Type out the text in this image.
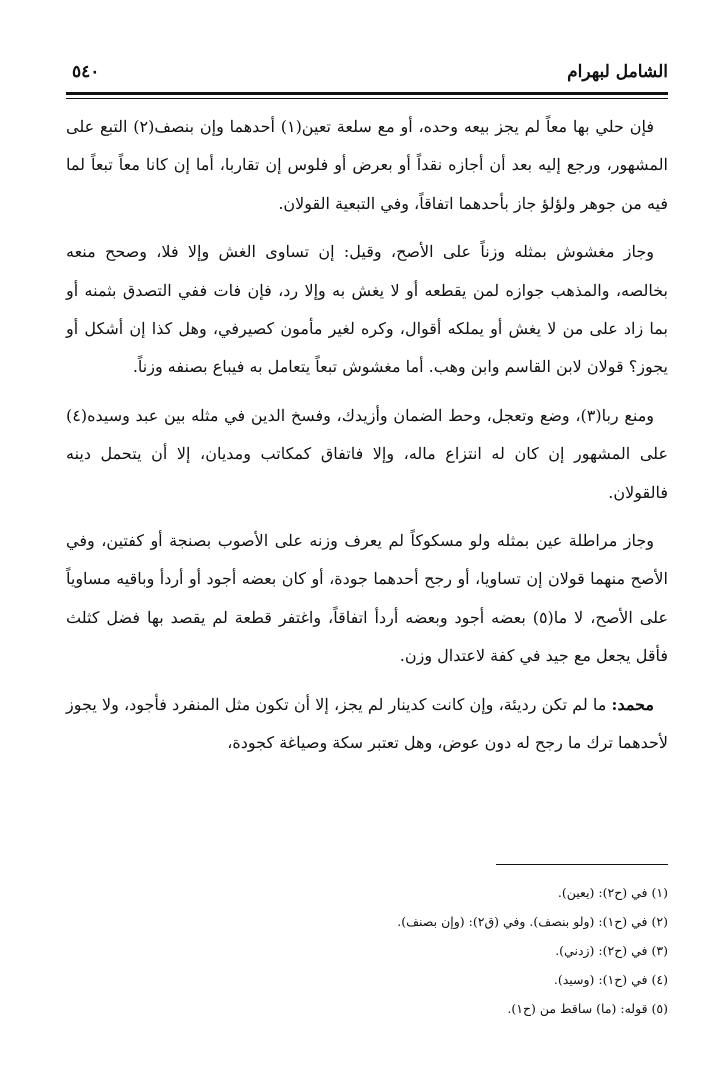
الشامل لبهرام
٥٤٠

فإن حلي بها معاً لم يجز بيعه وحده، أو مع سلعة تعين(١) أحدهما وإن بنصف(٢) التبع على المشهور، ورجع إليه بعد أن أجازه نقداً أو بعرض أو فلوس إن تقاربا، أما إن كانا معاً تبعاً لما فيه من جوهر ولؤلؤ جاز بأحدهما اتفاقاً، وفي التبعية القولان.

وجاز مغشوش بمثله وزناً على الأصح، وقيل: إن تساوى الغش وإلا فلا، وصحح منعه بخالصه، والمذهب جوازه لمن يقطعه أو لا يغش به وإلا رد، فإن فات ففي التصدق بثمنه أو بما زاد على من لا يغش أو يملكه أقوال، وكره لغير مأمون كصيرفي، وهل كذا إن أشكل أو يجوز؟ قولان لابن القاسم وابن وهب. أما مغشوش تبعاً يتعامل به فيباع بصنفه وزناً.

ومنع ربا(٣)، وضع وتعجل، وحط الضمان وأزيدك، وفسخ الدين في مثله بين عبد وسيده(٤) على المشهور إن كان له انتزاع ماله، وإلا فاتفاق كمكاتب ومديان، إلا أن يتحمل دينه فالقولان.

وجاز مراطلة عين بمثله ولو مسكوكاً لم يعرف وزنه على الأصوب بصنجة أو كفتين، وفي الأصح منهما قولان إن تساويا، أو رجح أحدهما جودة، أو كان بعضه أجود أو أردأ وباقيه مساوياً على الأصح، لا ما(٥) بعضه أجود وبعضه أردأ اتفاقاً، واغتفر قطعة لم يقصد بها فضل كثلث فأقل يجعل مع جيد في كفة لاعتدال وزن.

محمد: ما لم تكن رديئة، وإن كانت كدينار لم يجز، إلا أن تكون مثل المنفرد فأجود، ولا يجوز لأحدهما ترك ما رجح له دون عوض، وهل تعتبر سكة وصياغة كجودة،

(١) في (ح٢): (يعين).

(٢) في (ح١): (ولو بنصف). وفي (ق٢): (وإن بصنف).

(٣) في (ح٢): (زدني).

(٤) في (ح١): (وسيد).

(٥) قوله: (ما) ساقط من (ح١).
